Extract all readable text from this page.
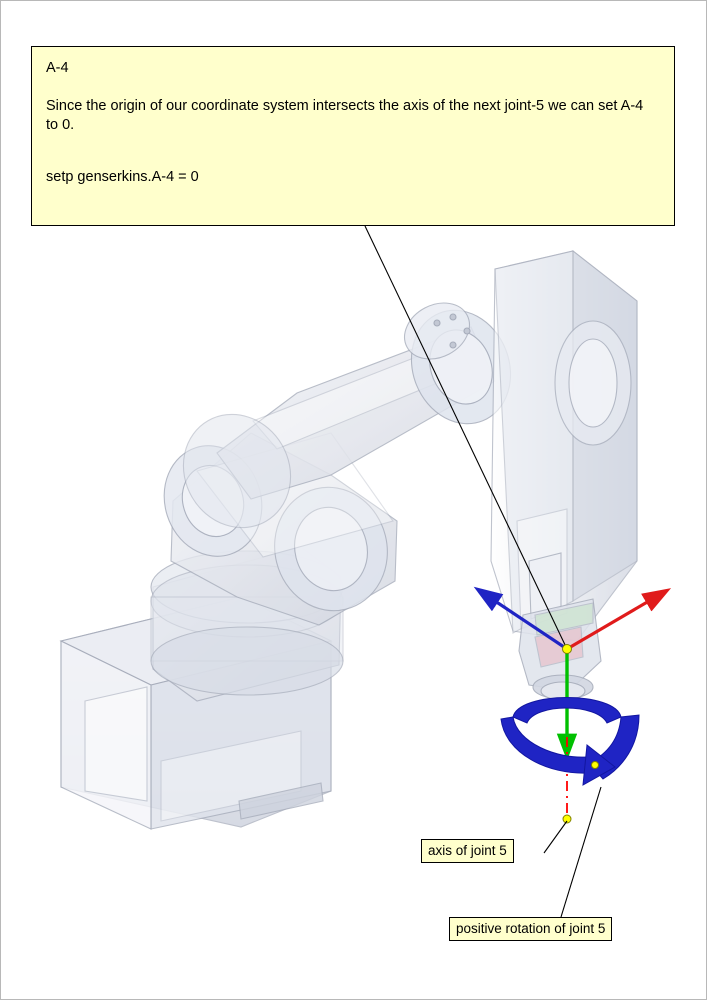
A-4

Since the origin of our coordinate system intersects the axis of the next joint-5 we can set A-4 to 0.

setp genserkins.A-4 = 0

axis of joint 5
positive rotation of joint 5
